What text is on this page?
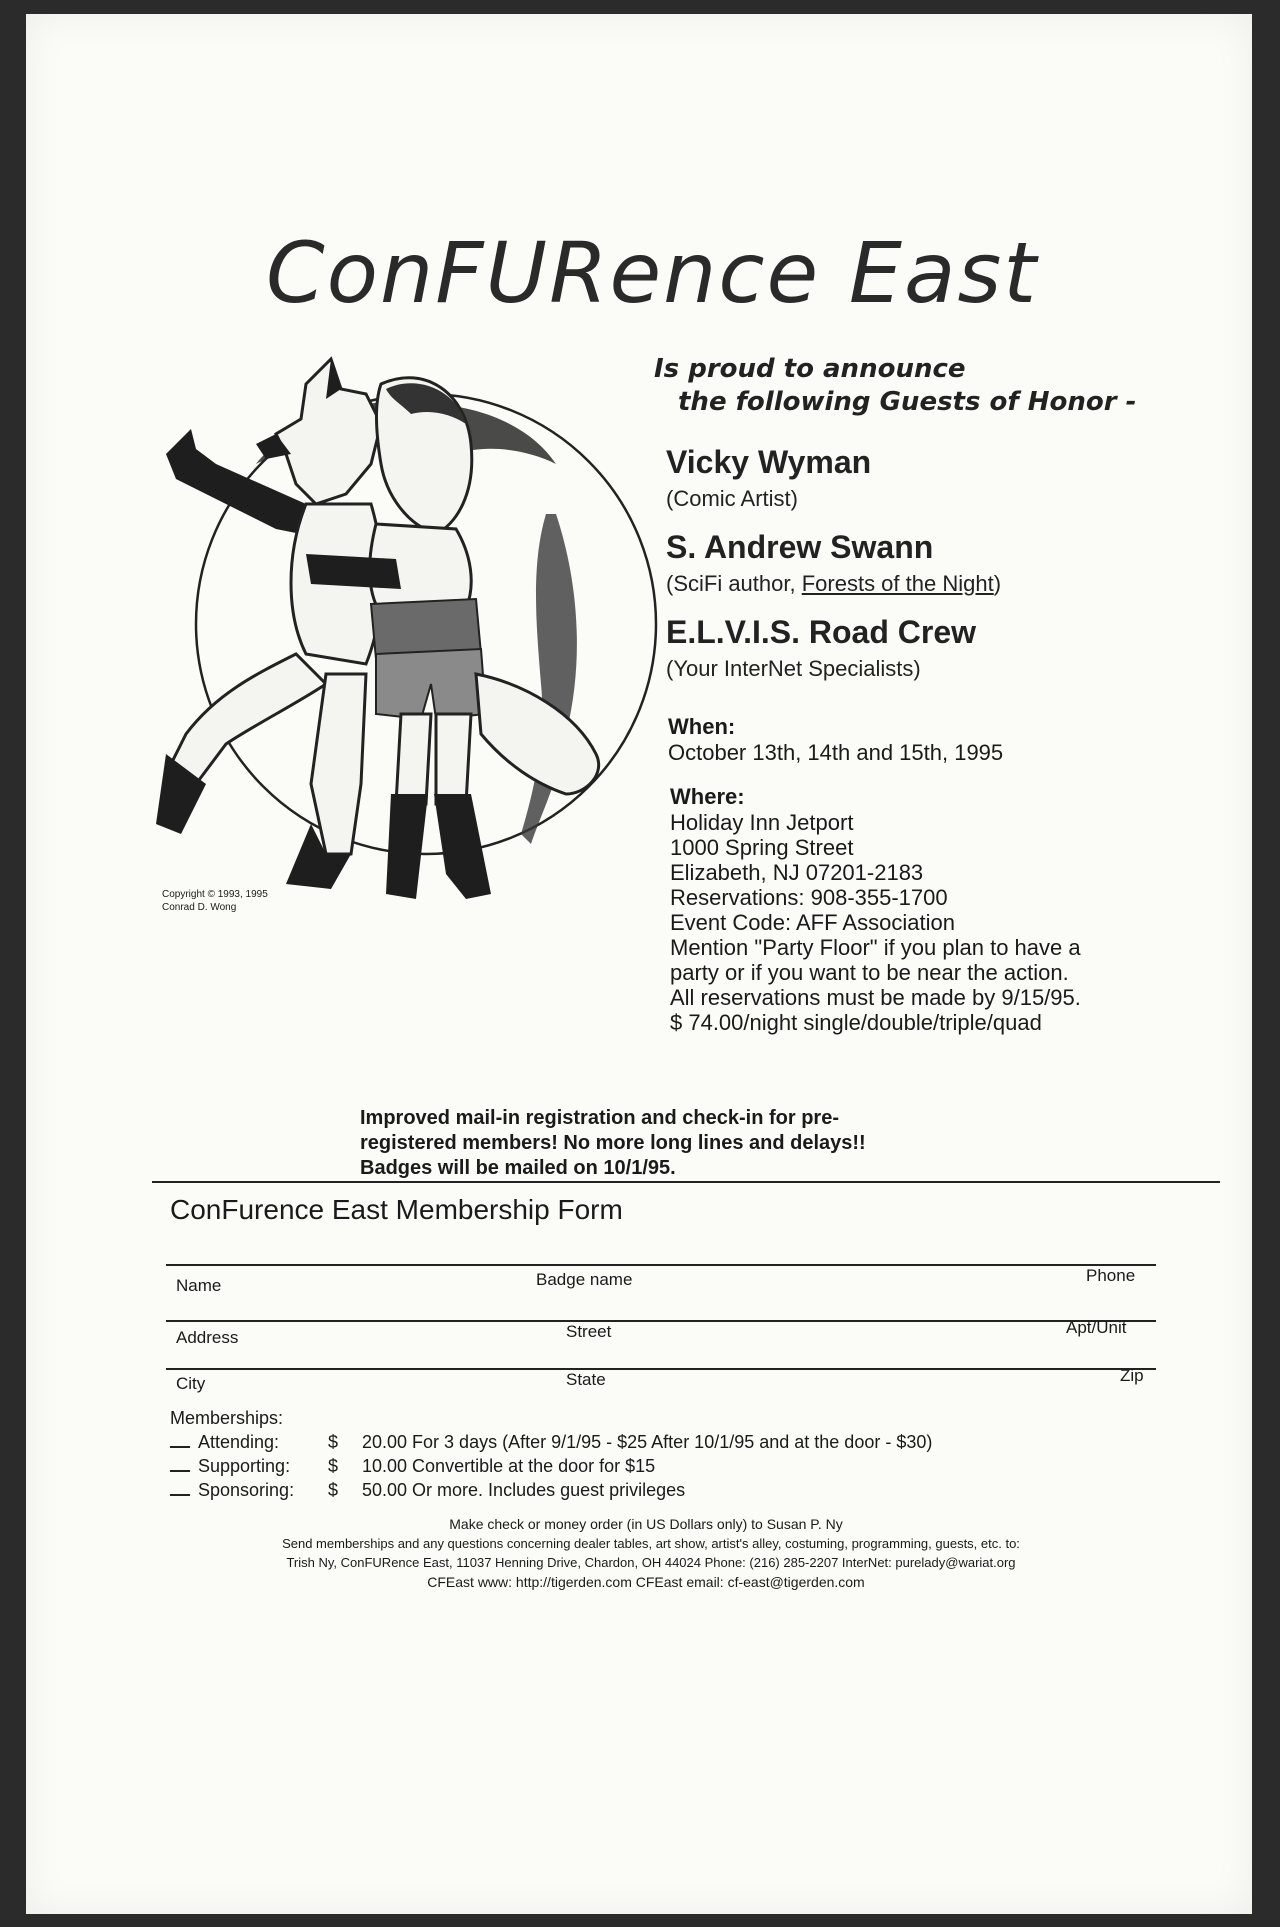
ConFURence East
Is proud to announce
the following Guests of Honor -
Copyright © 1993, 1995
Conrad D. Wong
Vicky Wyman
(Comic Artist)
S. Andrew Swann
(SciFi author, Forests of the Night)
E.L.V.I.S. Road Crew
(Your InterNet Specialists)
When:
October 13th, 14th and 15th, 1995
Where:
Holiday Inn Jetport
1000 Spring Street
Elizabeth, NJ 07201-2183
Reservations: 908-355-1700
Event Code: AFF Association
Mention "Party Floor" if you plan to have a
party or if you want to be near the action.
All reservations must be made by 9/15/95.
$ 74.00/night single/double/triple/quad
Improved mail-in registration and check-in for pre-
registered members! No more long lines and delays!!
Badges will be mailed on 10/1/95.
ConFurence East Membership Form
Name	Badge name	Phone
Address	Street	Apt/Unit
City	State	Zip
Memberships:
Attending:	$ 20.00 For 3 days (After 9/1/95 - $25 After 10/1/95 and at the door - $30)
Supporting: $ 10.00 Convertible at the door for $15
Sponsoring: $ 50.00 Or more. Includes guest privileges
Make check or money order (in US Dollars only) to Susan P. Ny
Send memberships and any questions concerning dealer tables, art show, artist's alley, costuming, programming, guests, etc. to:
Trish Ny, ConFURence East, 11037 Henning Drive, Chardon, OH 44024 Phone: (216) 285-2207 InterNet: purelady@wariat.org
CFEast www: http://tigerden.com CFEast email: cf-east@tigerden.com
